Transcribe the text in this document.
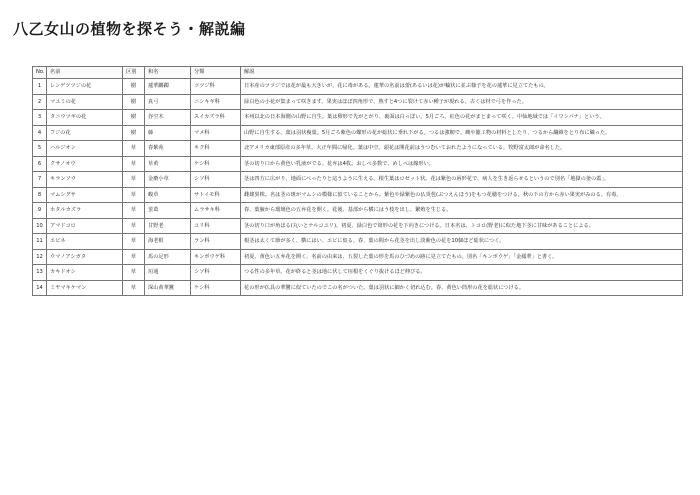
八乙女山の植物を探そう・解説編
No.	名前	区別	和名	分類	解説
1	レンゲツツジの花	樹	蓮華躑躅	ツツジ科	日本産のツツジでは花が最も大きいが、花に毒がある。蓮華の名前は蕾(あるいは花)が輪状に並ぶ様子を花の蓮華に見立てたもの。
2	マユミの花	樹	真弓	ニシキギ科	緑白色の小花が集まって咲きます。果実はほぼ四角形で、熟すと4つに裂けて赤い種子が現れる。古くは材で弓を作った。
3	タニウツギの花	樹	谷空木	スイカズラ科	本州以北の日本海側の山野に自生。葉は卵形で先がとがり、裏面は白っぽい。5月ごろ、紅色の花がまとまって咲く。中仙地域では「イワシバナ」という。
4	フジの花	樹	藤	マメ科	山野に自生する。葉は羽状複葉。5月ごろ紫色の蝶形の花が総状に垂れ下がる。つるは強靭で、縄や籠工物の材料としたり、つるから繊維をとり布に織った。
5	ハルジオン	草	春紫苑	キク科	北アメリカ東部原産の多年草。大正年間に帰化。葉は中空。頭花は開花前はうつむいておれたようになっている。牧野富太郎が命名した。
6	クサノオウ	草	草黄	ケシ科	茎の切り口から黄色い乳液がでる。花弁は4枚。おしべ多数で、めしべは線形い。
7	キランソウ	草	金瘡小草	シソ科	茎は四方に広がり、地面にぺったりと這うように生える。根生葉はロゼット状。花は紫色の唇形花で、病人を生き返らせるというので別名「地獄の釜の蓋」。
8	マムシグサ	草	蝮草	サトイモ科	雌雄異株。名は茎の斑がマムシの模様に似ていることから。紫色や緑紫色の仏炎苞(ぶつえんほう)をもつ花穂をつける。秋の下の方から赤い果実がみのる。有毒。
9	ホタルカズラ	草	蛍葛	ムラサキ科	春、葉腋から瑠璃色の五弁花を開く。花後、基部から横にはう枝を出し、繁殖を生じる。
10	アマドコロ	草	甘野老	ユリ科	茎の切り口が角ばる(丸いとナルコユリ)。初夏、緑白色で筒形の花を下向きにつける。日本名は、トコロ(野老)に似た地下茎に甘味があることによる。
11	エビネ	草	海老根	ラン科	根茎は太くて節が多く、横にはい、エビに似る。春、葉の間から花茎を出し淡紫色の花を10個ほど総状につく。
12	ウマノアシガタ	草	馬の足形	キンポウゲ科	初夏、黄色い五弁花を開く。名前の由来は、五裂した葉の形を馬のひづめの跡に見立てたもの。別名「キンポウゲ」「金鳳華」と書く。
13	カキドオシ	草	垣通	シソ科	つる性の多年草。花が終ると茎は地に伏して垣根をくぐり抜けるほど伸びる。
14	ミヤマキケマン	草	深山黄華鬘	ケシ科	花の形が仏具の華鬘に似ていたのでこの名がついた。葉は羽状に細かく切れ込む。春、黄色い筒形の花を総状につける。
